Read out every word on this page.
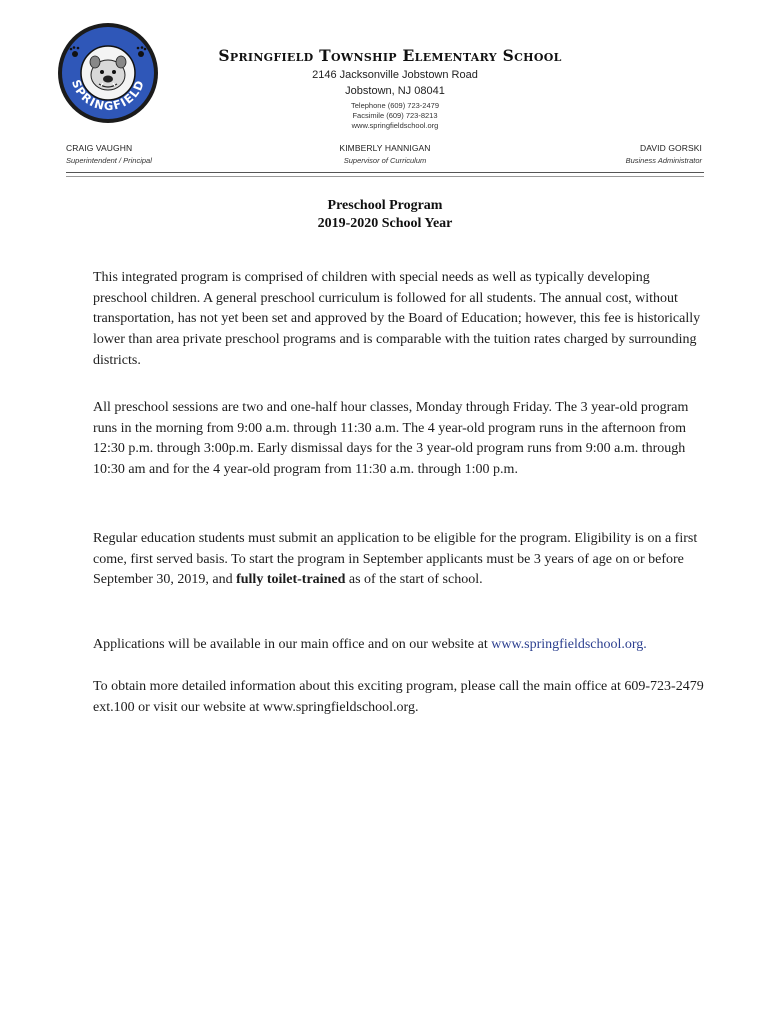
SPRINGFIELD
Springfield Township Elementary School
2146 Jacksonville Jobstown Road
Jobstown, NJ 08041
Telephone (609) 723-2479
Facsimile (609) 723-8213
www.springfieldschool.org
CRAIG VAUGHN
Superintendent / Principal
KIMBERLY HANNIGAN
Supervisor of Curriculum
DAVID GORSKI
Business Administrator
Preschool Program
2019-2020 School Year
This integrated program is comprised of children with special needs as well as typically developing preschool children. A general preschool curriculum is followed for all students. The annual cost, without transportation, has not yet been set and approved by the Board of Education; however, this fee is historically lower than area private preschool programs and is comparable with the tuition rates charged by surrounding districts.
All preschool sessions are two and one-half hour classes, Monday through Friday. The 3 year-old program runs in the morning from 9:00 a.m. through 11:30 a.m. The 4 year-old program runs in the afternoon from 12:30 p.m. through 3:00p.m. Early dismissal days for the 3 year-old program runs from 9:00 a.m. through 10:30 am and for the 4 year-old program from 11:30 a.m. through 1:00 p.m.
Regular education students must submit an application to be eligible for the program. Eligibility is on a first come, first served basis. To start the program in September applicants must be 3 years of age on or before September 30, 2019, and fully toilet-trained as of the start of school.
Applications will be available in our main office and on our website at www.springfieldschool.org.
To obtain more detailed information about this exciting program, please call the main office at 609-723-2479 ext.100 or visit our website at www.springfieldschool.org.
